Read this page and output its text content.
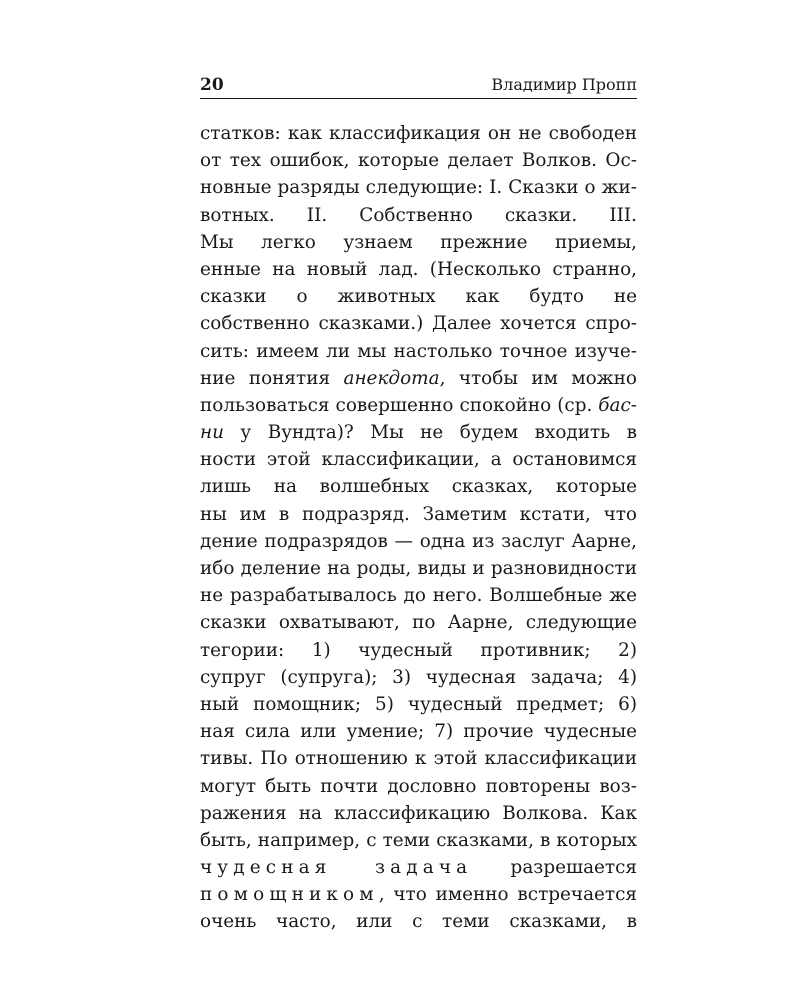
20	Владимир Пропп
статков: как классификация он не свободен
от тех ошибок, которые делает Волков. Ос-
новные разряды следующие: I. Сказки о жи-
вотных. II. Собственно сказки. III.
Мы легко узнаем прежние приемы,
енные на новый лад. (Несколько странно,
сказки о животных как будто не
собственно сказками.) Далее хочется спро-
сить: имеем ли мы настолько точное изуче-
ние понятия анекдота, чтобы им можно
пользоваться совершенно спокойно (ср. бас-
ни у Вундта)? Мы не будем входить в
ности этой классификации, а остановимся
лишь на волшебных сказках, которые
ны им в подразряд. Заметим кстати, что
дение подразрядов — одна из заслуг Аарне,
ибо деление на роды, виды и разновидности
не разрабатывалось до него. Волшебные же
сказки охватывают, по Аарне, следующие
тегории: 1) чудесный противник; 2)
супруг (супруга); 3) чудесная задача; 4)
ный помощник; 5) чудесный предмет; 6)
ная сила или умение; 7) прочие чудесные
тивы. По отношению к этой классификации
могут быть почти дословно повторены воз-
ражения на классификацию Волкова. Как
быть, например, с теми сказками, в которых
чудесная задача разрешается
помощником, что именно встречается
очень часто, или с теми сказками, в
